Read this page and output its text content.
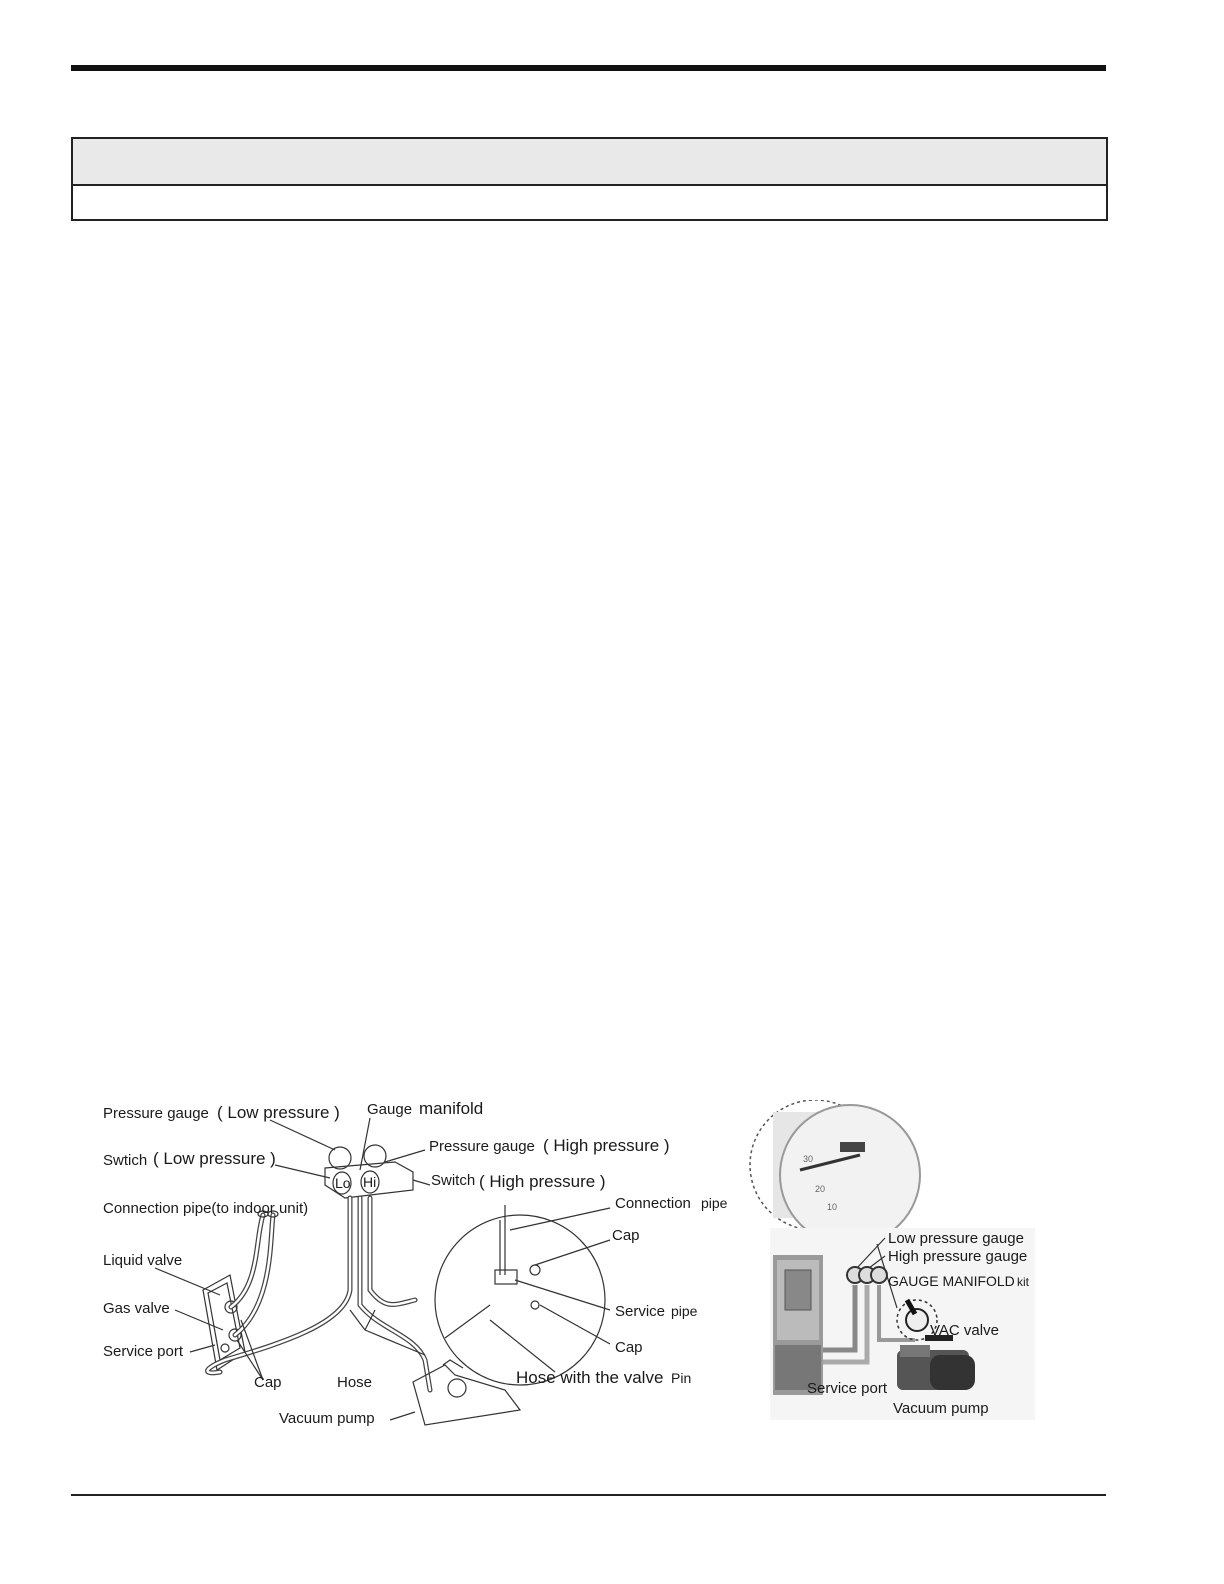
Lo Hi
Pressure gauge ( Low pressure ) Gauge manifold
Pressure gauge ( High pressure )
Swtich ( Low pressure )
Switch ( High pressure )
Connection pipe(to indoor unit)	Connection pipe
Cap
Liquid valve
Gas valve	Service pipe
Service port	Cap
Cap	Hose	Hose with the valve Pin
Vacuum pump
30
20
10
Low pressure gauge
High pressure gauge
GAUGE MANIFOLD kit
VAC valve
Service port
Vacuum pump
